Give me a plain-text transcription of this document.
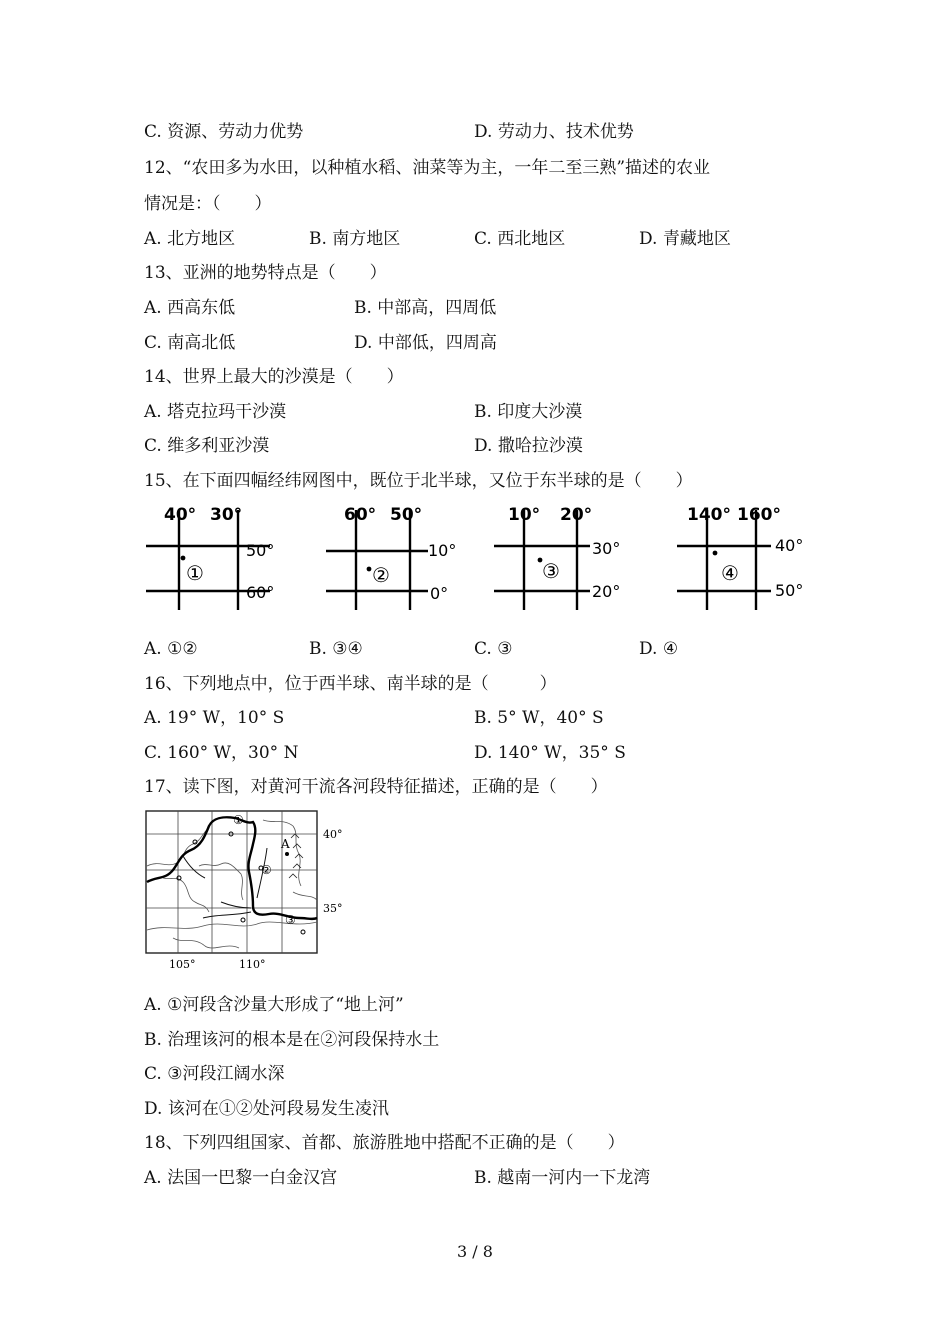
C. 资源、劳动力优势	D. 劳动力、技术优势
12、“农田多为水田，以种植水稻、油菜等为主，一年二至三熟”描述的农业
情况是：（　　）
A. 北方地区	B. 南方地区	C. 西北地区	D. 青藏地区
13、亚洲的地势特点是（　　）
A. 西高东低	B. 中部高，四周低
C. 南高北低	D. 中部低，四周高
14、世界上最大的沙漠是（　　）
A. 塔克拉玛干沙漠	B. 印度大沙漠
C. 维多利亚沙漠	D. 撒哈拉沙漠
15、在下面四幅经纬网图中，既位于北半球，又位于东半球的是（　　）
40° 30°
50°
60°
①
60° 50°
10°
0°
②
10° 20°
30°
20°
③
140° 160°
40°
50°
④
A. ①②	B. ③④	C. ③	D. ④
16、下列地点中，位于西半球、南半球的是（　　　）
A. 19° W，10° S	B. 5° W，40° S
C. 160° W，30° N	D. 140° W，35° S
17、读下图，对黄河干流各河段特征描述，正确的是（　　）
①
②
③
A
40°
35°
105°	110°
A. ①河段含沙量大形成了“地上河”
B. 治理该河的根本是在②河段保持水土
C. ③河段江阔水深
D. 该河在①②处河段易发生凌汛
18、下列四组国家、首都、旅游胜地中搭配不正确的是（　　）
A. 法国一巴黎一白金汉宫	B. 越南一河内一下龙湾
3 / 8
